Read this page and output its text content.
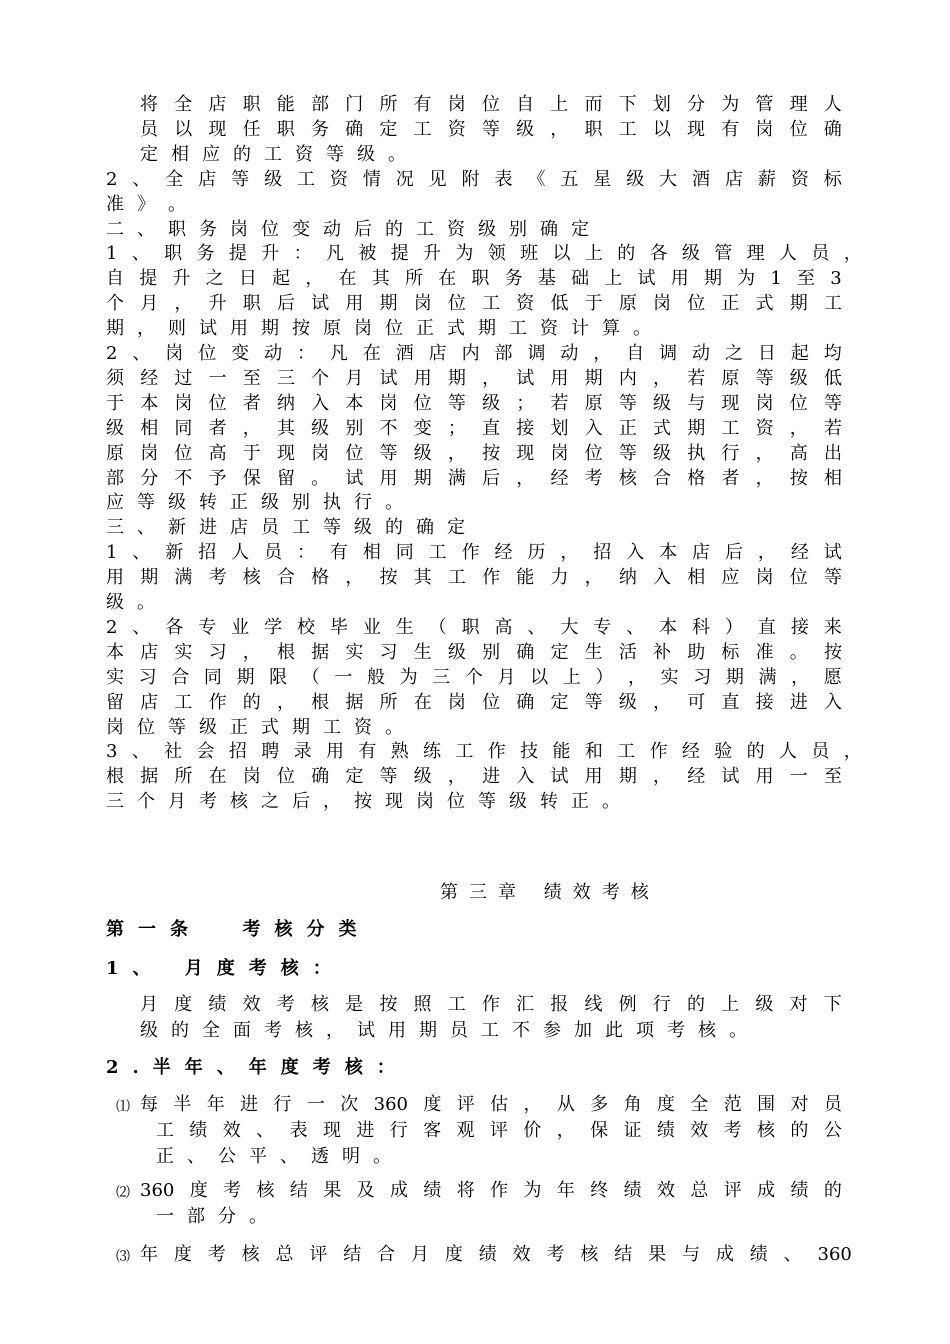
将 全 店 职 能 部 门 所 有 岗 位 自 上 而 下 划 分 为 管 理 人
员 以 现 任 职 务 确 定 工 资 等 级 ， 职 工 以 现 有 岗 位 确
定 相 应 的 工 资 等 级 。
2 、 全 店 等 级 工 资 情 况 见 附 表 《 五 星 级 大 酒 店 薪 资 标
准 》 。
二 、 职 务 岗 位 变 动 后 的 工 资 级 别 确 定
1 、 职 务 提 升 ： 凡 被 提 升 为 领 班 以 上 的 各 级 管 理 人 员 ，
自 提 升 之 日 起 ， 在 其 所 在 职 务 基 础 上 试 用 期 为 1 至 3
个 月 ， 升 职 后 试 用 期 岗 位 工 资 低 于 原 岗 位 正 式 期 工
期 ， 则 试 用 期 按 原 岗 位 正 式 期 工 资 计 算 。
2 、 岗 位 变 动 ： 凡 在 酒 店 内 部 调 动 ， 自 调 动 之 日 起 均
须 经 过 一 至 三 个 月 试 用 期 ， 试 用 期 内 ， 若 原 等 级 低
于 本 岗 位 者 纳 入 本 岗 位 等 级 ； 若 原 等 级 与 现 岗 位 等
级 相 同 者 ， 其 级 别 不 变 ； 直 接 划 入 正 式 期 工 资 ， 若
原 岗 位 高 于 现 岗 位 等 级 ， 按 现 岗 位 等 级 执 行 ， 高 出
部 分 不 予 保 留 。 试 用 期 满 后 ， 经 考 核 合 格 者 ， 按 相
应 等 级 转 正 级 别 执 行 。
三 、 新 进 店 员 工 等 级 的 确 定
1 、 新 招 人 员 ： 有 相 同 工 作 经 历 ， 招 入 本 店 后 ， 经 试
用 期 满 考 核 合 格 ， 按 其 工 作 能 力 ， 纳 入 相 应 岗 位 等
级 。
2 、 各 专 业 学 校 毕 业 生 （ 职 高 、 大 专 、 本 科 ） 直 接 来
本 店 实 习 ， 根 据 实 习 生 级 别 确 定 生 活 补 助 标 准 。 按
实 习 合 同 期 限 （ 一 般 为 三 个 月 以 上 ） ， 实 习 期 满 ， 愿
留 店 工 作 的 ， 根 据 所 在 岗 位 确 定 等 级 ， 可 直 接 进 入
岗 位 等 级 正 式 期 工 资 。
3 、 社 会 招 聘 录 用 有 熟 练 工 作 技 能 和 工 作 经 验 的 人 员 ，
根 据 所 在 岗 位 确 定 等 级 ， 进 入 试 用 期 ， 经 试 用 一 至
三 个 月 考 核 之 后 ， 按 现 岗 位 等 级 转 正 。
第三章 绩效考核
第一条  考核分类
1、 月度考核：
月 度 绩 效 考 核 是 按 照 工 作 汇 报 线 例 行 的 上 级 对 下
级 的 全 面 考 核 ， 试 用 期 员 工 不 参 加 此 项 考 核 。
2.半年、年度考核：
⑴
⑵
⑶
每 半 年 进 行 一 次 360 度 评 估 ， 从 多 角 度 全 范 围 对 员
工 绩 效 、 表 现 进 行 客 观 评 价 ， 保 证 绩 效 考 核 的 公
正 、 公 平 、 透 明 。
360 度 考 核 结 果 及 成 绩 将 作 为 年 终 绩 效 总 评 成 绩 的
一 部 分 。
年 度 考 核 总 评 结 合 月 度 绩 效 考 核 结 果 与 成 绩 、 360
